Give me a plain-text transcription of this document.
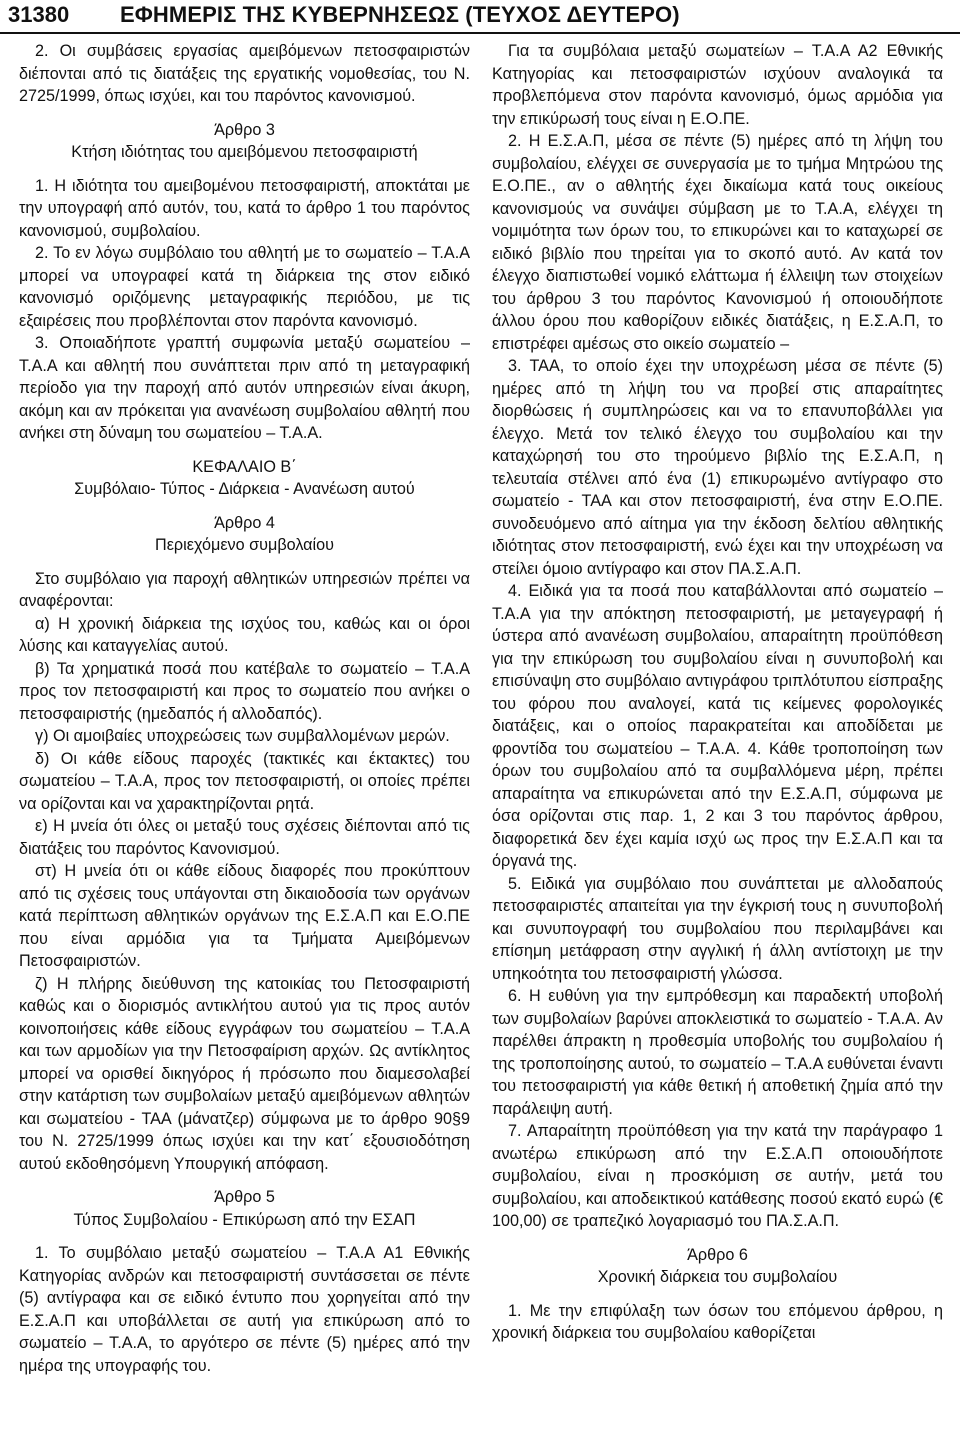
31380 ΕΦΗΜΕΡΙΣ ΤΗΣ ΚΥΒΕΡΝΗΣΕΩΣ (ΤΕΥΧΟΣ ΔΕΥΤΕΡΟ)

2. Οι συμβάσεις εργασίας αμειβόμενων πετοσφαιριστών διέπονται από τις διατάξεις της εργατικής νομοθεσίας, του Ν. 2725/1999, όπως ισχύει, και του παρόντος κανονισμού.

Άρθρο 3

Κτήση ιδιότητας του αμειβόμενου πετοσφαιριστή

1. Η ιδιότητα του αμειβομένου πετοσφαιριστή, αποκτάται με την υπογραφή από αυτόν, του, κατά το άρθρο 1 του παρόντος κανονισμού, συμβολαίου.

2. Το εν λόγω συμβόλαιο του αθλητή με το σωματείο – Τ.Α.Α μπορεί να υπογραφεί κατά τη διάρκεια της στον ειδικό κανονισμό οριζόμενης μεταγραφικής περιόδου, με τις εξαιρέσεις που προβλέπονται στον παρόντα κανονισμό.

3. Οποιαδήποτε γραπτή συμφωνία μεταξύ σωματείου – Τ.Α.Α και αθλητή που συνάπτεται πριν από τη μεταγραφική περίοδο για την παροχή από αυτόν υπηρεσιών είναι άκυρη, ακόμη και αν πρόκειται για ανανέωση συμβολαίου αθλητή που ανήκει στη δύναμη του σωματείου – Τ.Α.Α.

ΚΕΦΑΛΑΙΟ Β΄

Συμβόλαιο- Τύπος - Διάρκεια - Ανανέωση αυτού

Άρθρο 4

Περιεχόμενο συμβολαίου

Στο συμβόλαιο για παροχή αθλητικών υπηρεσιών πρέπει να αναφέρονται:

α) Η χρονική διάρκεια της ισχύος του, καθώς και οι όροι λύσης και καταγγελίας αυτού.

β) Τα χρηματικά ποσά που κατέβαλε το σωματείο – Τ.Α.Α προς τον πετοσφαιριστή και προς το σωματείο που ανήκει ο πετοσφαιριστής (ημεδαπός ή αλλοδαπός).

γ) Οι αμοιβαίες υποχρεώσεις των συμβαλλομένων μερών.

δ) Οι κάθε είδους παροχές (τακτικές και έκτακτες) του σωματείου – Τ.Α.Α, προς τον πετοσφαιριστή, οι οποίες πρέπει να ορίζονται και να χαρακτηρίζονται ρητά.

ε) Η μνεία ότι όλες οι μεταξύ τους σχέσεις διέπονται από τις διατάξεις του παρόντος Κανονισμού.

στ) Η μνεία ότι οι κάθε είδους διαφορές που προκύπτουν από τις σχέσεις τους υπάγονται στη δικαιοδοσία των οργάνων κατά περίπτωση αθλητικών οργάνων της Ε.Σ.Α.Π και Ε.Ο.ΠΕ που είναι αρμόδια για τα Τμήματα Αμειβόμενων Πετοσφαιριστών.

ζ) Η πλήρης διεύθυνση της κατοικίας του Πετοσφαιριστή καθώς και ο διορισμός αντικλήτου αυτού για τις προς αυτόν κοινοποιήσεις κάθε είδους εγγράφων του σωματείου – Τ.Α.Α και των αρμοδίων για την Πετοσφαίριση αρχών. Ως αντίκλητος μπορεί να ορισθεί δικηγόρος ή πρόσωπο που διαμεσολαβεί στην κατάρτιση των συμβολαίων μεταξύ αμειβόμενων αθλητών και σωματείου - ΤΑΑ (μάνατζερ) σύμφωνα με το άρθρο 90§9 του Ν. 2725/1999 όπως ισχύει και την κατ΄ εξουσιοδότηση αυτού εκδοθησόμενη Υπουργική απόφαση.

Άρθρο 5

Τύπος Συμβολαίου - Επικύρωση από την ΕΣΑΠ

1. Το συμβόλαιο μεταξύ σωματείου – Τ.Α.Α Α1 Εθνικής Κατηγορίας ανδρών και πετοσφαιριστή συντάσσεται σε πέντε (5) αντίγραφα και σε ειδικό έντυπο που χορηγείται από την Ε.Σ.Α.Π και υποβάλλεται σε αυτή για επικύρωση από το σωματείο – Τ.Α.Α, το αργότερο σε πέντε (5) ημέρες από την ημέρα της υπογραφής του.

Για τα συμβόλαια μεταξύ σωματείων – Τ.Α.Α Α2 Εθνικής Κατηγορίας και πετοσφαιριστών ισχύουν αναλογικά τα προβλεπόμενα στον παρόντα κανονισμό, όμως αρμόδια για την επικύρωσή τους είναι η Ε.Ο.ΠΕ.

2. Η Ε.Σ.Α.Π, μέσα σε πέντε (5) ημέρες από τη λήψη του συμβολαίου, ελέγχει σε συνεργασία με το τμήμα Μητρώου της Ε.Ο.ΠΕ., αν ο αθλητής έχει δικαίωμα κατά τους οικείους κανονισμούς να συνάψει σύμβαση με το Τ.Α.Α, ελέγχει τη νομιμότητα των όρων του, το επικυρώνει και το καταχωρεί σε ειδικό βιβλίο που τηρείται για το σκοπό αυτό. Αν κατά τον έλεγχο διαπιστωθεί νομικό ελάττωμα ή έλλειψη των στοιχείων του άρθρου 3 του παρόντος Κανονισμού ή οποιουδήποτε άλλου όρου που καθορίζουν ειδικές διατάξεις, η Ε.Σ.Α.Π, το επιστρέφει αμέσως στο οικείο σωματείο –

3. ΤΑΑ, το οποίο έχει την υποχρέωση μέσα σε πέντε (5) ημέρες από τη λήψη του να προβεί στις απαραίτητες διορθώσεις ή συμπληρώσεις και να το επανυποβάλλει για έλεγχο. Μετά τον τελικό έλεγχο του συμβολαίου και την καταχώρησή του στο τηρούμενο βιβλίο της Ε.Σ.Α.Π, η τελευταία στέλνει από ένα (1) επικυρωμένο αντίγραφο στο σωματείο - ΤΑΑ και στον πετοσφαιριστή, ένα στην Ε.Ο.ΠΕ. συνοδευόμενο από αίτημα για την έκδοση δελτίου αθλητικής ιδιότητας στον πετοσφαιριστή, ενώ έχει και την υποχρέωση να στείλει όμοιο αντίγραφο και στον ΠΑ.Σ.Α.Π.

4. Ειδικά για τα ποσά που καταβάλλονται από σωματείο – Τ.Α.Α για την απόκτηση πετοσφαιριστή, με μεταγεγραφή ή ύστερα από ανανέωση συμβολαίου, απαραίτητη προϋπόθεση για την επικύρωση του συμβολαίου είναι η συνυποβολή και επισύναψη στο συμβόλαιο αντιγράφου τριπλότυπου είσπραξης του φόρου που αναλογεί, κατά τις κείμενες φορολογικές διατάξεις, και ο οποίος παρακρατείται και αποδίδεται με φροντίδα του σωματείου – Τ.Α.Α. 4. Κάθε τροποποίηση των όρων του συμβολαίου από τα συμβαλλόμενα μέρη, πρέπει απαραίτητα να επικυρώνεται από την Ε.Σ.Α.Π, σύμφωνα με όσα ορίζονται στις παρ. 1, 2 και 3 του παρόντος άρθρου, διαφορετικά δεν έχει καμία ισχύ ως προς την Ε.Σ.Α.Π και τα όργανά της.

5. Ειδικά για συμβόλαιο που συνάπτεται με αλλοδαπούς πετοσφαιριστές απαιτείται για την έγκρισή τους η συνυποβολή και συνυπογραφή του συμβολαίου που περιλαμβάνει και επίσημη μετάφραση στην αγγλική ή άλλη αντίστοιχη με την υπηκοότητα του πετοσφαιριστή γλώσσα.

6. Η ευθύνη για την εμπρόθεσμη και παραδεκτή υποβολή των συμβολαίων βαρύνει αποκλειστικά το σωματείο - Τ.Α.Α. Αν παρέλθει άπρακτη η προθεσμία υποβολής του συμβολαίου ή της τροποποίησης αυτού, το σωματείο – Τ.Α.Α ευθύνεται έναντι του πετοσφαιριστή για κάθε θετική ή αποθετική ζημία από την παράλειψη αυτή.

7. Απαραίτητη προϋπόθεση για την κατά την παράγραφο 1 ανωτέρω επικύρωση από την Ε.Σ.Α.Π οποιουδήποτε συμβολαίου, είναι η προσκόμιση σε αυτήν, μετά του συμβολαίου, και αποδεικτικού κατάθεσης ποσού εκατό ευρώ (€ 100,00) σε τραπεζικό λογαριασμό του ΠΑ.Σ.Α.Π.

Άρθρο 6

Χρονική διάρκεια του συμβολαίου

1. Με την επιφύλαξη των όσων του επόμενου άρθρου, η χρονική διάρκεια του συμβολαίου καθορίζεται
